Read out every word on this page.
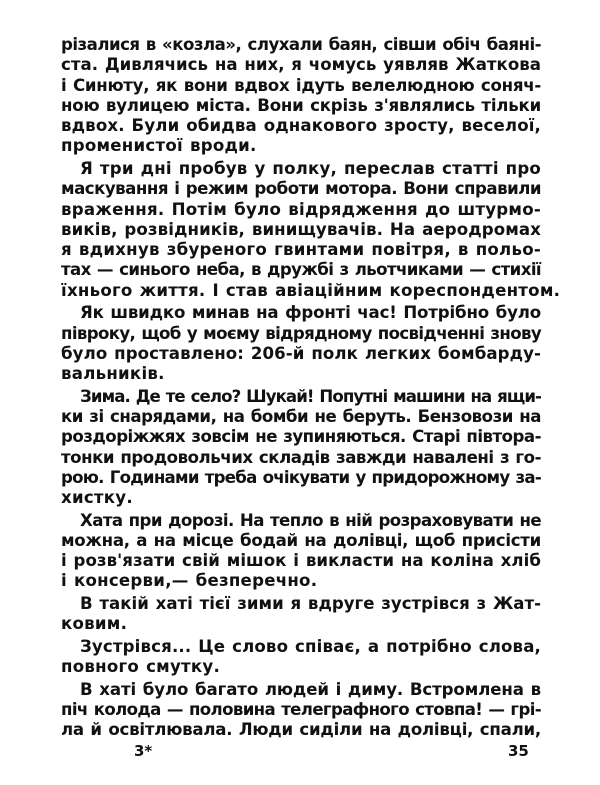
різалися в «козла», слухали баян, сівши обіч баяні-
ста. Дивлячись на них, я чомусь уявляв Жаткова
і Синюту, як вони вдвох ідуть велелюдною соняч-
ною вулицею міста. Вони скрізь з'являлись тільки
вдвох. Були обидва однакового зросту, веселої,
променистої вроди.
Я три дні пробув у полку, переслав статті про
маскування і режим роботи мотора. Вони справили
враження. Потім було відрядження до штурмо-
виків, розвідників, винищувачів. На аеродромах
я вдихнув збуреного гвинтами повітря, в польо-
тах — синього неба, в дружбі з льотчиками — стихії
їхнього життя. І став авіаційним кореспондентом.
Як швидко минав на фронті час! Потрібно було
півроку, щоб у моєму відрядному посвідченні знову
було проставлено: 206-й полк легких бомбарду-
вальників.
Зима. Де те село? Шукай! Попутні машини на ящи-
ки зі снарядами, на бомби не беруть. Бензовози на
роздоріжжях зовсім не зупиняються. Старі півтора-
тонки продовольчих складів завжди навалені з го-
рою. Годинами треба очікувати у придорожному за-
хистку.
Хата при дорозі. На тепло в ній розраховувати не
можна, а на місце бодай на долівці, щоб присісти
і розв'язати свій мішок і викласти на коліна хліб
і консерви,— безперечно.
В такій хаті тієї зими я вдруге зустрівся з Жат-
ковим.
Зустрівся... Це слово співає, а потрібно слова,
повного смутку.
В хаті було багато людей і диму. Встромлена в
піч колода — половина телеграфного стовпа! — грі-
ла й освітлювала. Люди сиділи на долівці, спали,
3*	35
